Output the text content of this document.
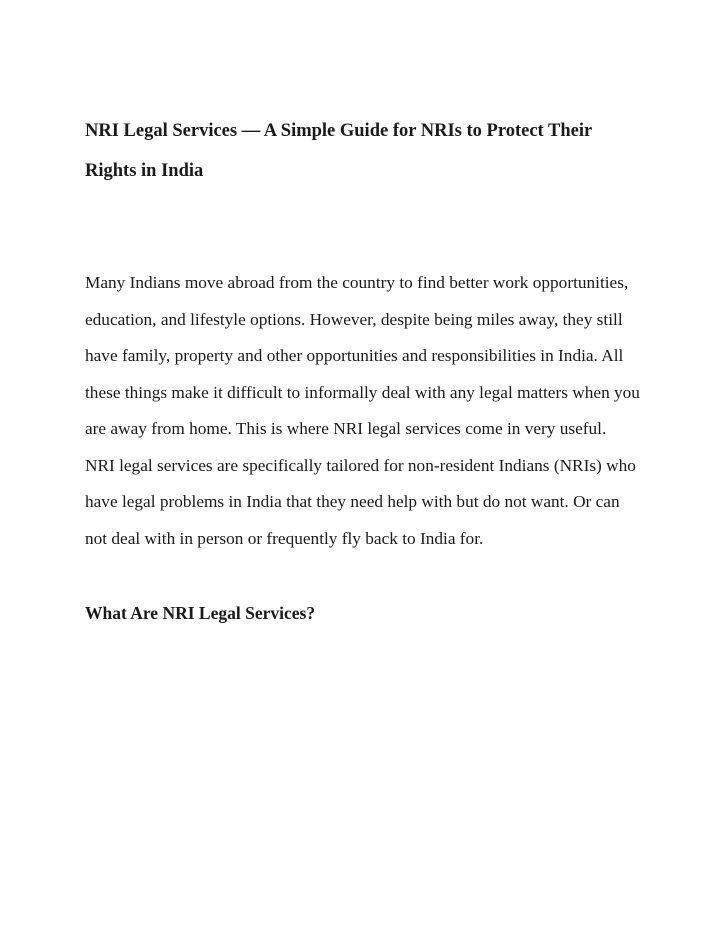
NRI Legal Services — A Simple Guide for NRIs to Protect Their Rights in India

Many Indians move abroad from the country to find better work opportunities, education, and lifestyle options. However, despite being miles away, they still have family, property and other opportunities and responsibilities in India. All these things make it difficult to informally deal with any legal matters when you are away from home. This is where NRI legal services come in very useful.

NRI legal services are specifically tailored for non-resident Indians (NRIs) who have legal problems in India that they need help with but do not want. Or can not deal with in person or frequently fly back to India for.

What Are NRI Legal Services?
